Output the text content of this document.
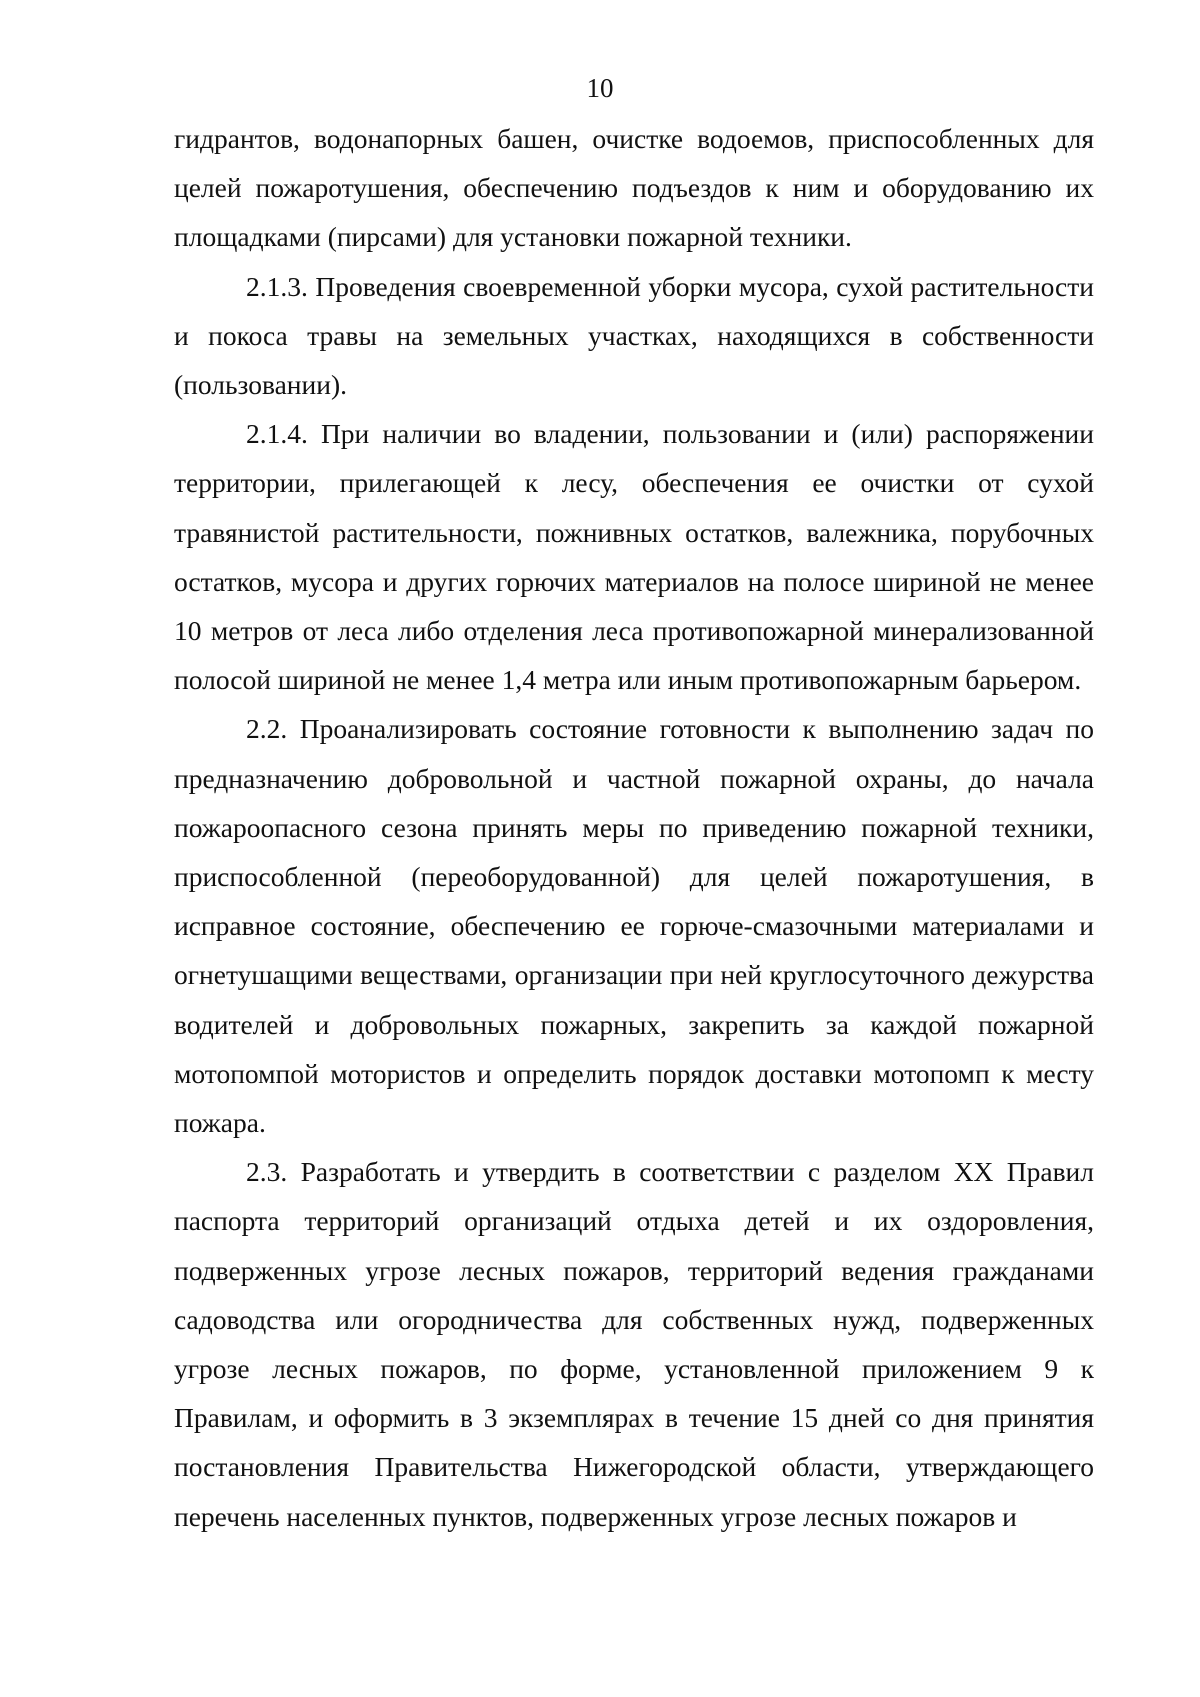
10

гидрантов, водонапорных башен, очистке водоемов, приспособленных для целей пожаротушения, обеспечению подъездов к ним и оборудованию их площадками (пирсами) для установки пожарной техники.

2.1.3. Проведения своевременной уборки мусора, сухой растительности и покоса травы на земельных участках, находящихся в собственности (пользовании).

2.1.4. При наличии во владении, пользовании и (или) распоряжении территории, прилегающей к лесу, обеспечения ее очистки от сухой травянистой растительности, пожнивных остатков, валежника, порубочных остатков, мусора и других горючих материалов на полосе шириной не менее 10 метров от леса либо отделения леса противопожарной минерализованной полосой шириной не менее 1,4 метра или иным противопожарным барьером.

2.2. Проанализировать состояние готовности к выполнению задач по предназначению добровольной и частной пожарной охраны, до начала пожароопасного сезона принять меры по приведению пожарной техники, приспособленной (переоборудованной) для целей пожаротушения, в исправное состояние, обеспечению ее горюче-смазочными материалами и огнетушащими веществами, организации при ней круглосуточного дежурства водителей и добровольных пожарных, закрепить за каждой пожарной мотопомпой мотористов и определить порядок доставки мотопомп к месту пожара.

2.3. Разработать и утвердить в соответствии с разделом XX Правил паспорта территорий организаций отдыха детей и их оздоровления, подверженных угрозе лесных пожаров, территорий ведения гражданами садоводства или огородничества для собственных нужд, подверженных угрозе лесных пожаров, по форме, установленной приложением 9 к Правилам, и оформить в 3 экземплярах в течение 15 дней со дня принятия постановления Правительства Нижегородской области, утверждающего перечень населенных пунктов, подверженных угрозе лесных пожаров и
